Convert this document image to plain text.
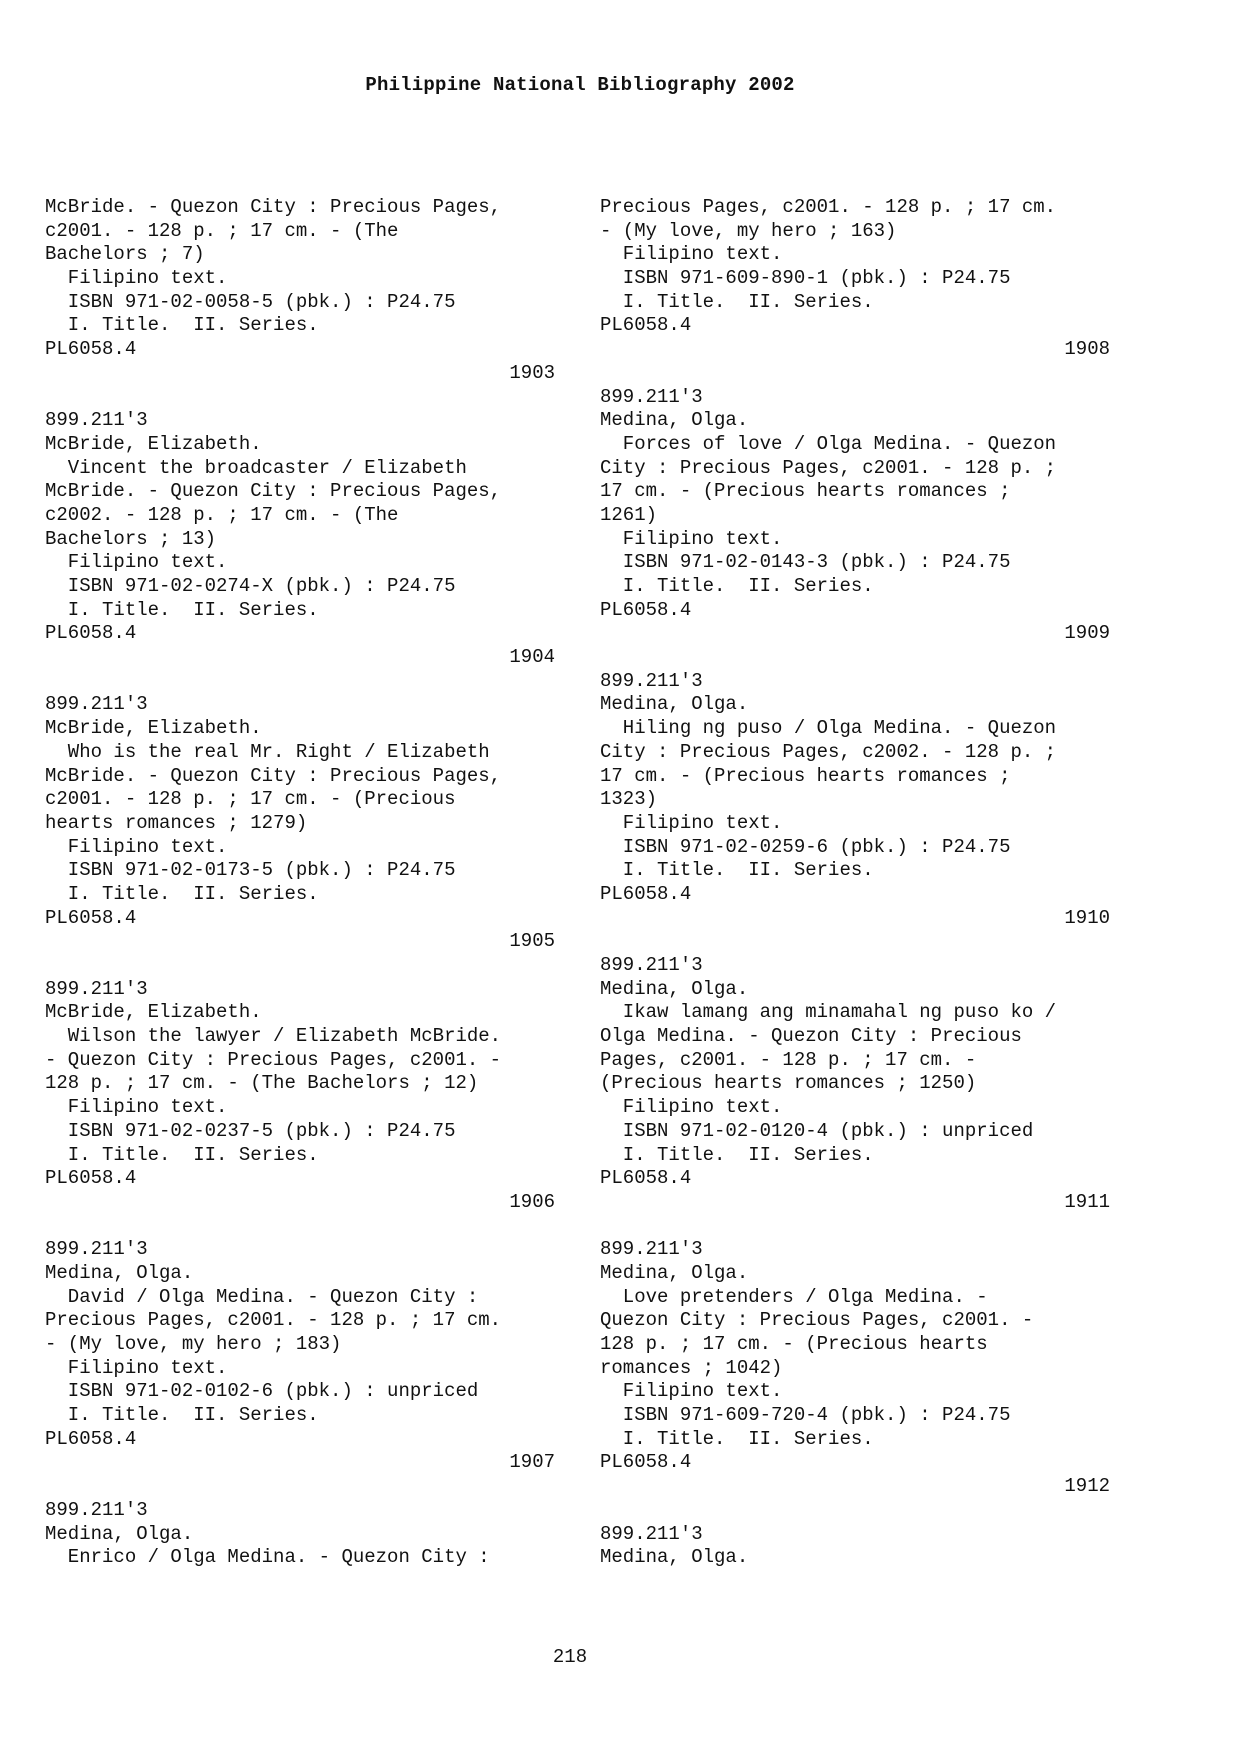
Philippine National Bibliography 2002
McBride. - Quezon City : Precious Pages,
c2001. - 128 p. ; 17 cm. - (The
Bachelors ; 7)
Filipino text.
ISBN 971-02-0058-5 (pbk.) : P24.75
I. Title.  II. Series.
PL6058.4
1903
899.211'3
McBride, Elizabeth.
Vincent the broadcaster / Elizabeth
McBride. - Quezon City : Precious Pages,
c2002. - 128 p. ; 17 cm. - (The
Bachelors ; 13)
Filipino text.
ISBN 971-02-0274-X (pbk.) : P24.75
I. Title.  II. Series.
PL6058.4
1904
899.211'3
McBride, Elizabeth.
Who is the real Mr. Right / Elizabeth
McBride. - Quezon City : Precious Pages,
c2001. - 128 p. ; 17 cm. - (Precious
hearts romances ; 1279)
Filipino text.
ISBN 971-02-0173-5 (pbk.) : P24.75
I. Title.  II. Series.
PL6058.4
1905
899.211'3
McBride, Elizabeth.
Wilson the lawyer / Elizabeth McBride.
- Quezon City : Precious Pages, c2001. -
128 p. ; 17 cm. - (The Bachelors ; 12)
Filipino text.
ISBN 971-02-0237-5 (pbk.) : P24.75
I. Title.  II. Series.
PL6058.4
1906
899.211'3
Medina, Olga.
David / Olga Medina. - Quezon City :
Precious Pages, c2001. - 128 p. ; 17 cm.
- (My love, my hero ; 183)
Filipino text.
ISBN 971-02-0102-6 (pbk.) : unpriced
I. Title.  II. Series.
PL6058.4
1907
899.211'3
Medina, Olga.
Enrico / Olga Medina. - Quezon City :
Precious Pages, c2001. - 128 p. ; 17 cm.
- (My love, my hero ; 163)
Filipino text.
ISBN 971-609-890-1 (pbk.) : P24.75
I. Title.  II. Series.
PL6058.4
1908
899.211'3
Medina, Olga.
Forces of love / Olga Medina. - Quezon
City : Precious Pages, c2001. - 128 p. ;
17 cm. - (Precious hearts romances ;
1261)
Filipino text.
ISBN 971-02-0143-3 (pbk.) : P24.75
I. Title.  II. Series.
PL6058.4
1909
899.211'3
Medina, Olga.
Hiling ng puso / Olga Medina. - Quezon
City : Precious Pages, c2002. - 128 p. ;
17 cm. - (Precious hearts romances ;
1323)
Filipino text.
ISBN 971-02-0259-6 (pbk.) : P24.75
I. Title.  II. Series.
PL6058.4
1910
899.211'3
Medina, Olga.
Ikaw lamang ang minamahal ng puso ko /
Olga Medina. - Quezon City : Precious
Pages, c2001. - 128 p. ; 17 cm. -
(Precious hearts romances ; 1250)
Filipino text.
ISBN 971-02-0120-4 (pbk.) : unpriced
I. Title.  II. Series.
PL6058.4
1911
899.211'3
Medina, Olga.
Love pretenders / Olga Medina. -
Quezon City : Precious Pages, c2001. -
128 p. ; 17 cm. - (Precious hearts
romances ; 1042)
Filipino text.
ISBN 971-609-720-4 (pbk.) : P24.75
I. Title.  II. Series.
PL6058.4
1912
899.211'3
Medina, Olga.
218
